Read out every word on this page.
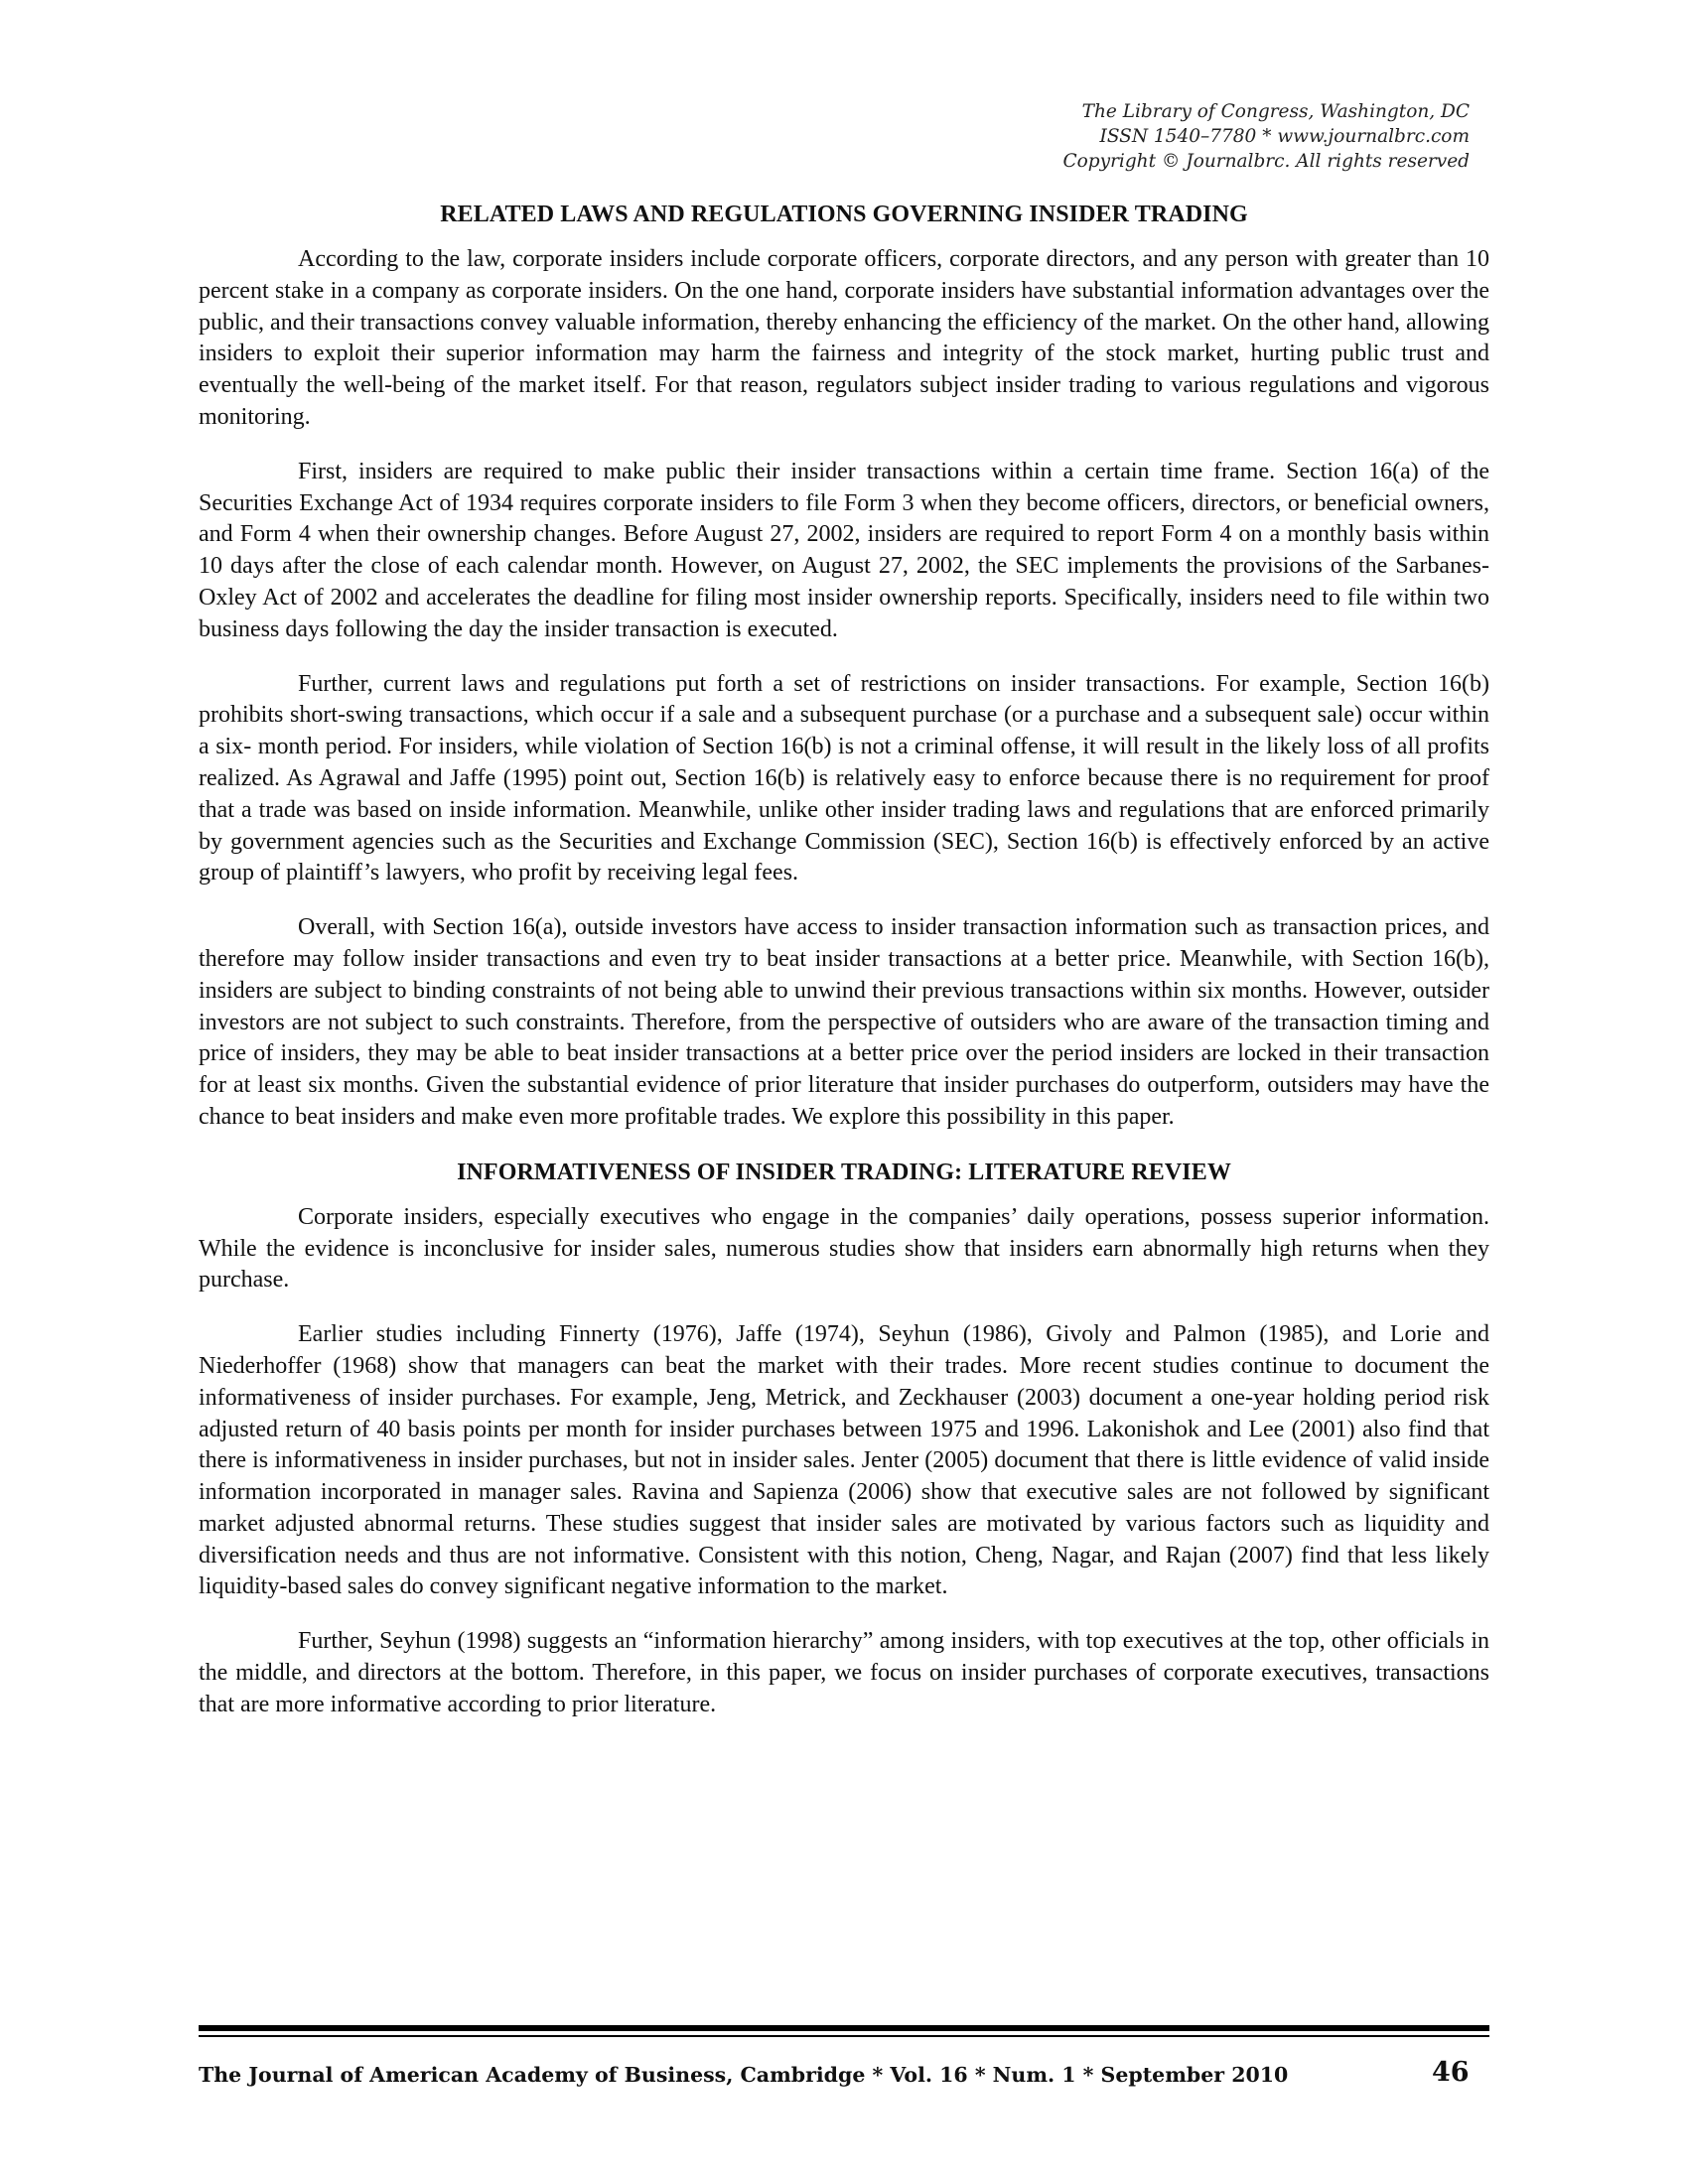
The Library of Congress, Washington, DC
ISSN 1540–7780 * www.journalbrc.com
Copyright © Journalbrc. All rights reserved
RELATED LAWS AND REGULATIONS GOVERNING INSIDER TRADING

According to the law, corporate insiders include corporate officers, corporate directors, and any person with greater than 10 percent stake in a company as corporate insiders. On the one hand, corporate insiders have substantial information advantages over the public, and their transactions convey valuable information, thereby enhancing the efficiency of the market. On the other hand, allowing insiders to exploit their superior information may harm the fairness and integrity of the stock market, hurting public trust and eventually the well-being of the market itself. For that reason, regulators subject insider trading to various regulations and vigorous monitoring.

First, insiders are required to make public their insider transactions within a certain time frame. Section 16(a) of the Securities Exchange Act of 1934 requires corporate insiders to file Form 3 when they become officers, directors, or beneficial owners, and Form 4 when their ownership changes. Before August 27, 2002, insiders are required to report Form 4 on a monthly basis within 10 days after the close of each calendar month. However, on August 27, 2002, the SEC implements the provisions of the Sarbanes-Oxley Act of 2002 and accelerates the deadline for filing most insider ownership reports. Specifically, insiders need to file within two business days following the day the insider transaction is executed.

Further, current laws and regulations put forth a set of restrictions on insider transactions. For example, Section 16(b) prohibits short-swing transactions, which occur if a sale and a subsequent purchase (or a purchase and a subsequent sale) occur within a six- month period. For insiders, while violation of Section 16(b) is not a criminal offense, it will result in the likely loss of all profits realized. As Agrawal and Jaffe (1995) point out, Section 16(b) is relatively easy to enforce because there is no requirement for proof that a trade was based on inside information. Meanwhile, unlike other insider trading laws and regulations that are enforced primarily by government agencies such as the Securities and Exchange Commission (SEC), Section 16(b) is effectively enforced by an active group of plaintiff’s lawyers, who profit by receiving legal fees.

Overall, with Section 16(a), outside investors have access to insider transaction information such as transaction prices, and therefore may follow insider transactions and even try to beat insider transactions at a better price. Meanwhile, with Section 16(b), insiders are subject to binding constraints of not being able to unwind their previous transactions within six months. However, outsider investors are not subject to such constraints. Therefore, from the perspective of outsiders who are aware of the transaction timing and price of insiders, they may be able to beat insider transactions at a better price over the period insiders are locked in their transaction for at least six months. Given the substantial evidence of prior literature that insider purchases do outperform, outsiders may have the chance to beat insiders and make even more profitable trades. We explore this possibility in this paper.

INFORMATIVENESS OF INSIDER TRADING: LITERATURE REVIEW

Corporate insiders, especially executives who engage in the companies’ daily operations, possess superior information. While the evidence is inconclusive for insider sales, numerous studies show that insiders earn abnormally high returns when they purchase.

Earlier studies including Finnerty (1976), Jaffe (1974), Seyhun (1986), Givoly and Palmon (1985), and Lorie and Niederhoffer (1968) show that managers can beat the market with their trades. More recent studies continue to document the informativeness of insider purchases. For example, Jeng, Metrick, and Zeckhauser (2003) document a one-year holding period risk adjusted return of 40 basis points per month for insider purchases between 1975 and 1996. Lakonishok and Lee (2001) also find that there is informativeness in insider purchases, but not in insider sales. Jenter (2005) document that there is little evidence of valid inside information incorporated in manager sales. Ravina and Sapienza (2006) show that executive sales are not followed by significant market adjusted abnormal returns. These studies suggest that insider sales are motivated by various factors such as liquidity and diversification needs and thus are not informative. Consistent with this notion, Cheng, Nagar, and Rajan (2007) find that less likely liquidity-based sales do convey significant negative information to the market.

Further, Seyhun (1998) suggests an “information hierarchy” among insiders, with top executives at the top, other officials in the middle, and directors at the bottom. Therefore, in this paper, we focus on insider purchases of corporate executives, transactions that are more informative according to prior literature.

The Journal of American Academy of Business, Cambridge * Vol. 16 * Num. 1 * September 2010	46
